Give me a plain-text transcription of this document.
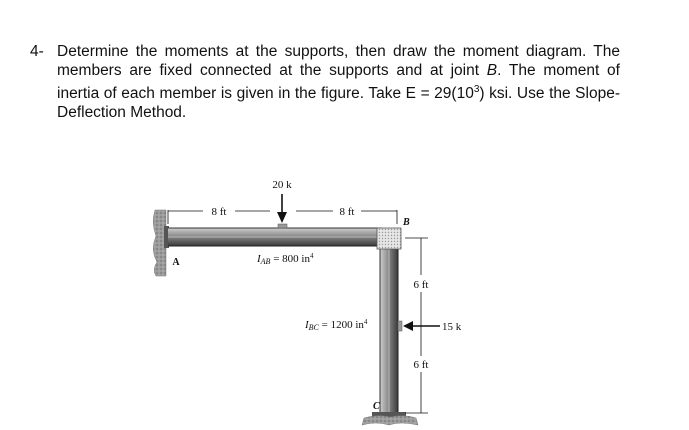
4- Determine the moments at the supports, then draw the moment diagram. The members are fixed connected at the supports and at joint B. The moment of inertia of each member is given in the figure. Take $E = 29(10^3)$ ksi. Use the Slope-Deflection Method.
8 ft	8 ft
20 k
A
B
C
IAB = 800 $in^4$
IBC = 1200 $in^4$
6 ft
6 ft
15 k
